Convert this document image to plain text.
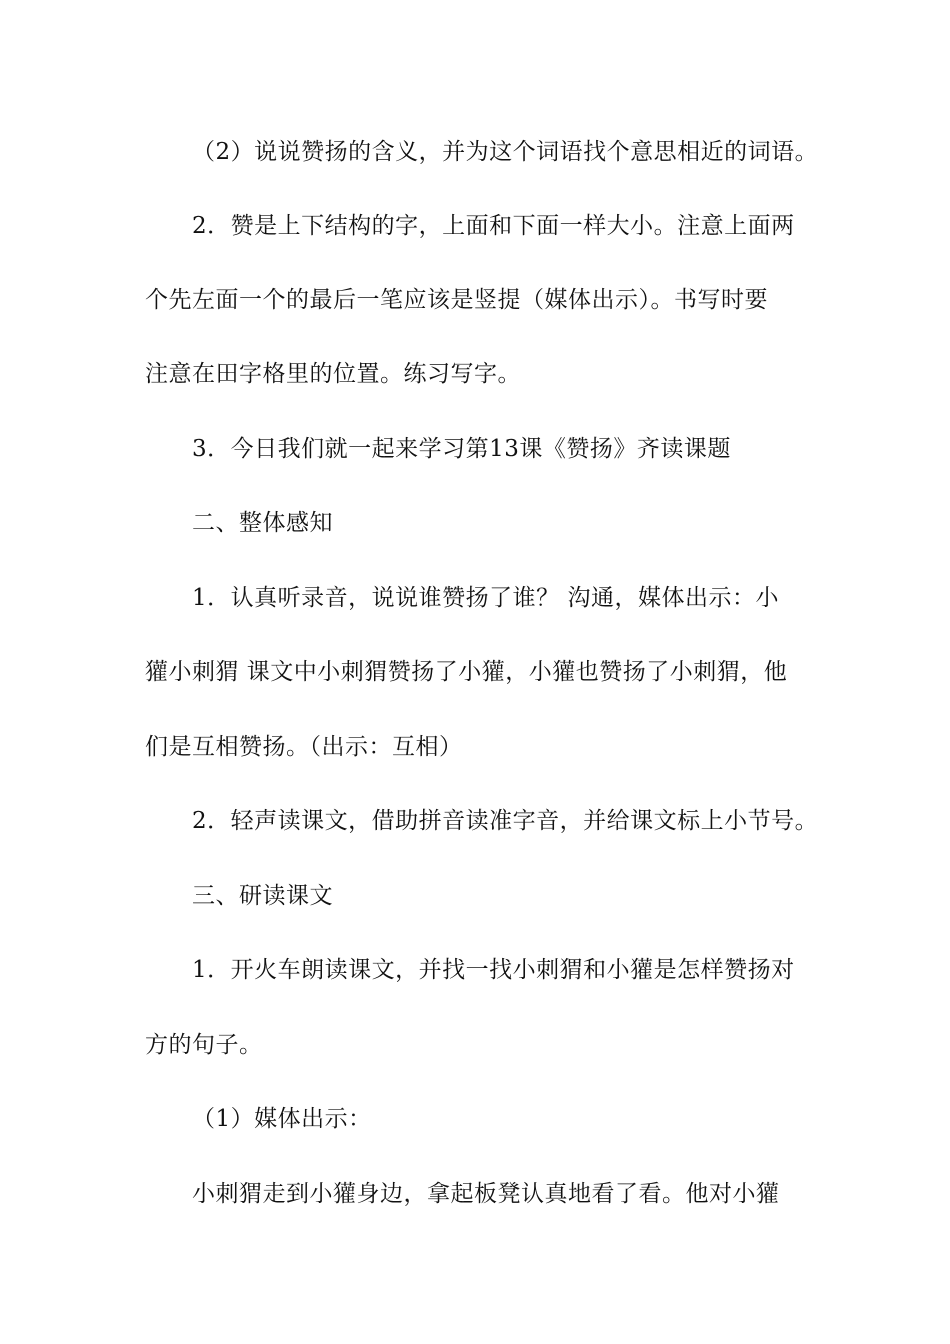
（2）说说赞扬的含义，并为这个词语找个意思相近的词语。
2．赞是上下结构的字，上面和下面一样大小。注意上面两
个先左面一个的最后一笔应该是竖提（媒体出示）。书写时要
注意在田字格里的位置。练习写字。
3．今日我们就一起来学习第13课《赞扬》齐读课题
二、整体感知
1．认真听录音，说说谁赞扬了谁？ 沟通，媒体出示：小
獾小刺猬 课文中小刺猬赞扬了小獾，小獾也赞扬了小刺猬，他
们是互相赞扬。（出示：互相）
2．轻声读课文，借助拼音读准字音，并给课文标上小节号。
三、研读课文
1．开火车朗读课文，并找一找小刺猬和小獾是怎样赞扬对
方的句子。
（1）媒体出示：
小刺猬走到小獾身边，拿起板凳认真地看了看。他对小獾
